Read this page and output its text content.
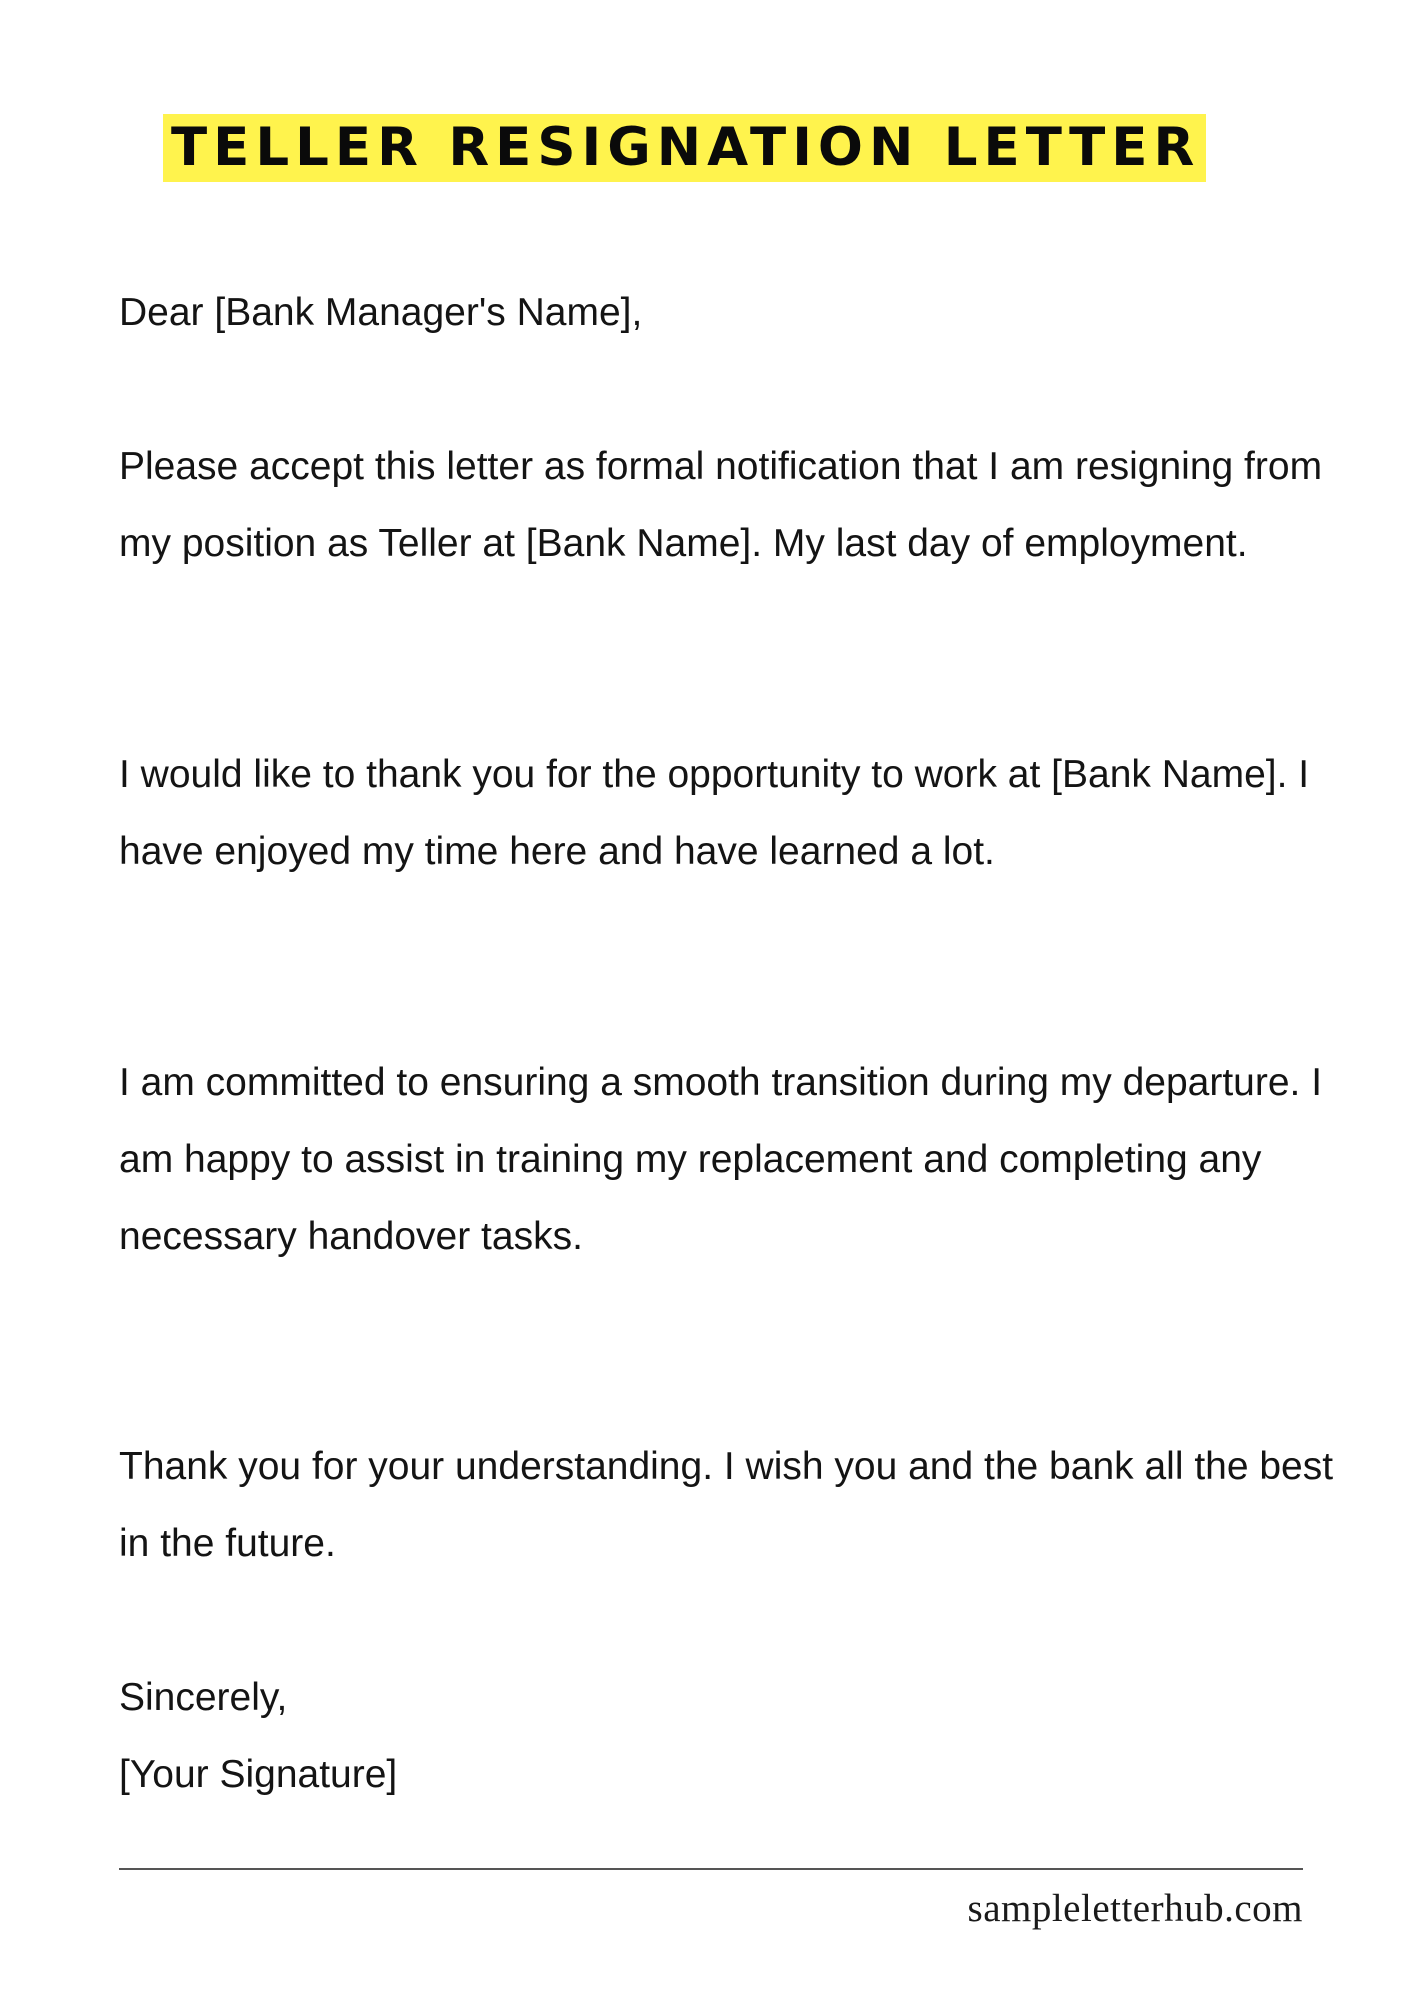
TELLER RESIGNATION LETTER

Dear [Bank Manager's Name],

Please accept this letter as formal notification that I am resigning from my position as Teller at [Bank Name]. My last day of employment.

I would like to thank you for the opportunity to work at [Bank Name]. I have enjoyed my time here and have learned a lot.

I am committed to ensuring a smooth transition during my departure. I am happy to assist in training my replacement and completing any necessary handover tasks.

Thank you for your understanding. I wish you and the bank all the best in the future.

Sincerely,

[Your Signature]

sampleletterhub.com
